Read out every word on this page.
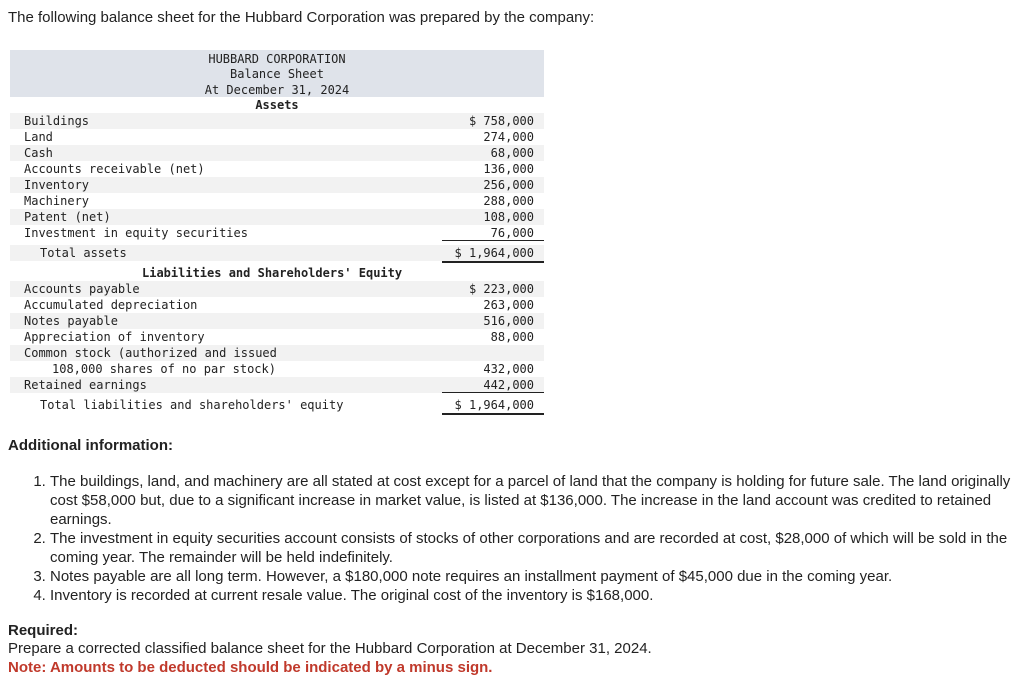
The following balance sheet for the Hubbard Corporation was prepared by the company:
HUBBARD CORPORATION
Balance Sheet
At December 31, 2024
Assets
Buildings	$ 758,000
Land	274,000
Cash	68,000
Accounts receivable (net)	136,000
Inventory	256,000
Machinery	288,000
Patent (net)	108,000
Investment in equity securities	76,000
Total assets	$ 1,964,000
Liabilities and Shareholders' Equity
Accounts payable	$ 223,000
Accumulated depreciation	263,000
Notes payable	516,000
Appreciation of inventory	88,000
Common stock (authorized and issued
108,000 shares of no par stock)	432,000
Retained earnings	442,000
Total liabilities and shareholders' equity	$ 1,964,000
Additional information:
1. The buildings, land, and machinery are all stated at cost except for a parcel of land that the company is holding for future sale. The land originally cost $58,000 but, due to a significant increase in market value, is listed at $136,000. The increase in the land account was credited to retained earnings.
2. The investment in equity securities account consists of stocks of other corporations and are recorded at cost, $28,000 of which will be sold in the coming year. The remainder will be held indefinitely.
3. Notes payable are all long term. However, a $180,000 note requires an installment payment of $45,000 due in the coming year.
4. Inventory is recorded at current resale value. The original cost of the inventory is $168,000.
Required:
Prepare a corrected classified balance sheet for the Hubbard Corporation at December 31, 2024.
Note: Amounts to be deducted should be indicated by a minus sign.
